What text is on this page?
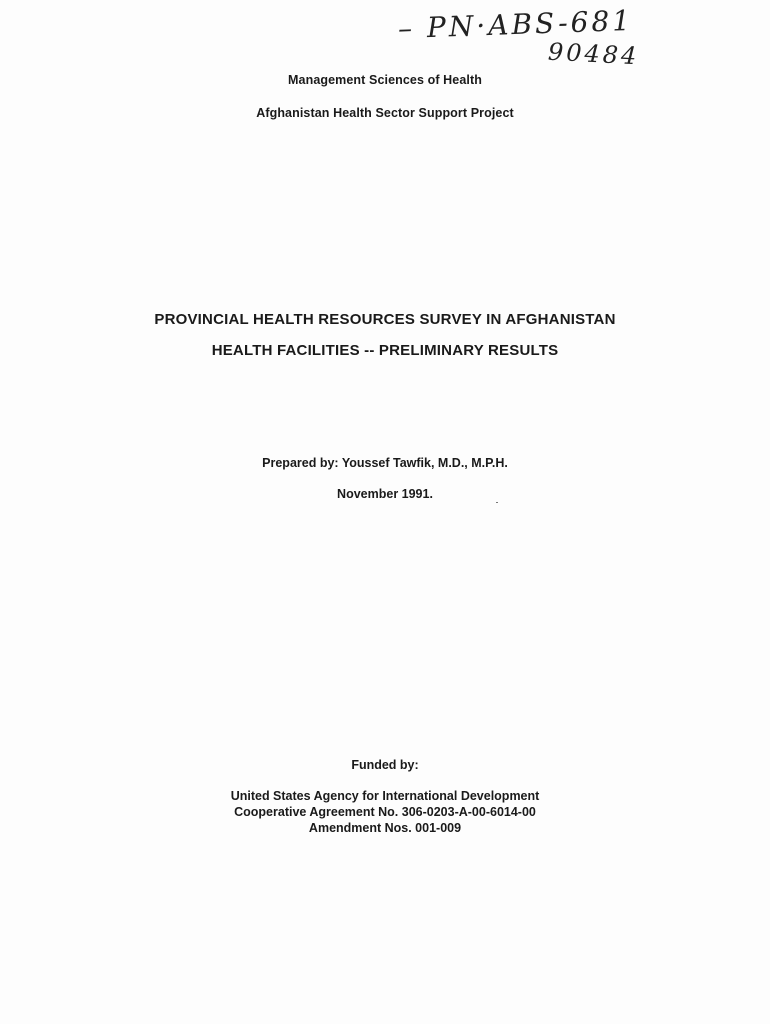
– PN·ABS-681
90484
Management Sciences of Health
Afghanistan Health Sector Support Project
PROVINCIAL HEALTH RESOURCES SURVEY IN AFGHANISTAN
HEALTH FACILITIES -- PRELIMINARY RESULTS
Prepared by: Youssef Tawfik, M.D., M.P.H.
November 1991.
Funded by:
United States Agency for International Development
Cooperative Agreement No. 306-0203-A-00-6014-00
Amendment Nos. 001-009
